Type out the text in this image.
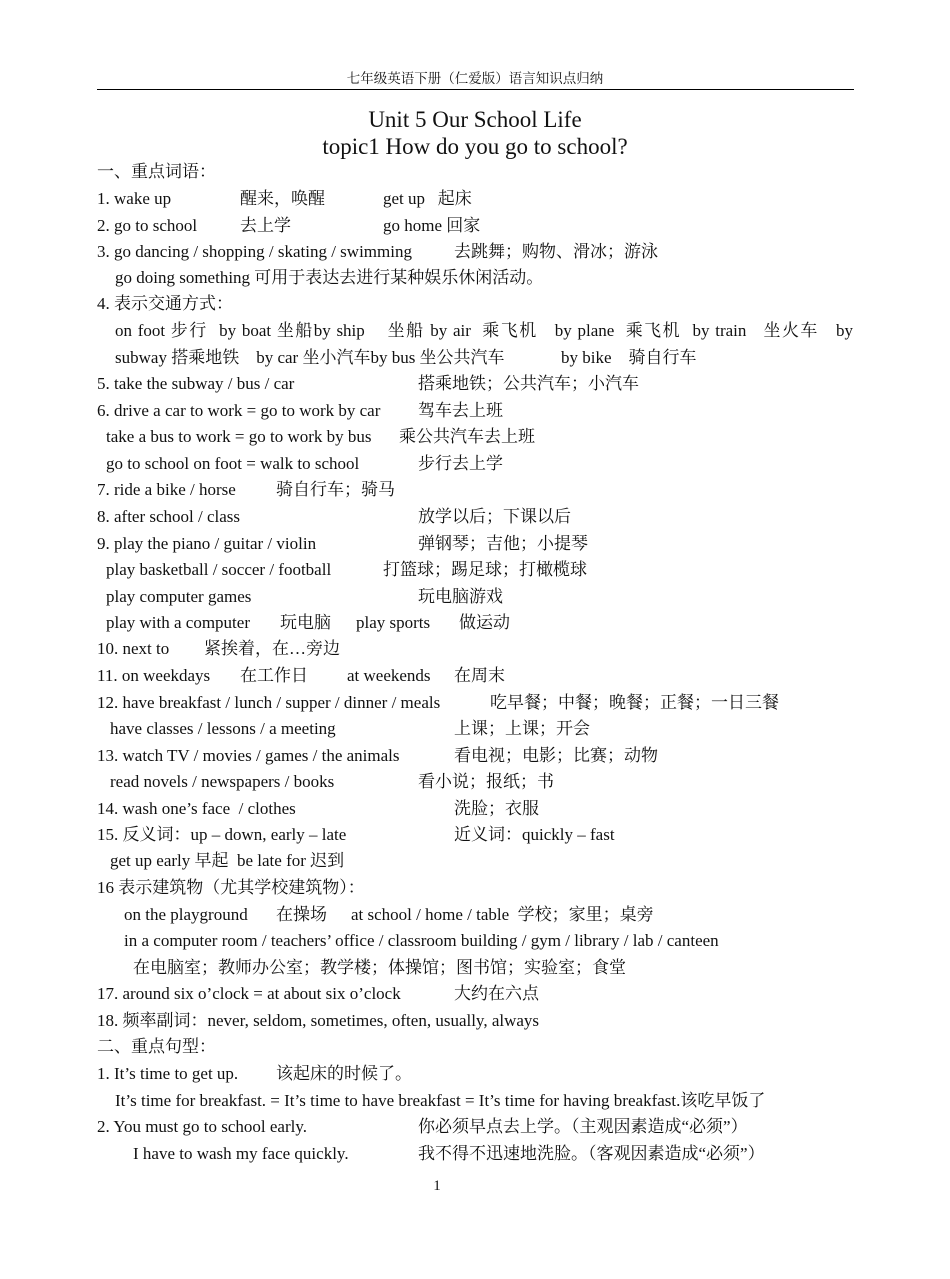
七年级英语下册（仁爱版）语言知识点归纳
Unit 5 Our School Life
topic1 How do you go to school?
一、重点词语：
1. wake up	醒来，唤醒	get up   起床
2. go to school	去上学	go home 回家
3. go dancing / shopping / skating / swimming 去跳舞；购物、滑冰；游泳
go doing something 可用于表达去进行某种娱乐休闲活动。
4. 表示交通方式：
on foot 步行  by boat 坐船by ship    坐船 by air  乘飞机   by plane  乘飞机  by train   坐火车   by
subway 搭乘地铁    by car 坐小汽车by bus 坐公共汽车	by bike    骑自行车
5. take the subway / bus / car	搭乘地铁；公共汽车；小汽车
6. drive a car to work = go to work by car 驾车去上班
take a bus to work = go to work by bus 乘公共汽车去上班
go to school on foot = walk to school	步行去上学
7. ride a bike / horse 骑自行车；骑马
8. after school / class	放学以后；下课以后
9. play the piano / guitar / violin	弹钢琴；吉他；小提琴
play basketball / soccer / football	打篮球；踢足球；打橄榄球
play computer games	玩电脑游戏
play with a computer 玩电脑 play sports 做运动
10. next to 紧挨着，在…旁边
11. on weekdays 在工作日 at weekends 在周末
12. have breakfast / lunch / supper / dinner / meals	吃早餐；中餐；晚餐；正餐；一日三餐
have classes / lessons / a meeting	上课；上课；开会
13. watch TV / movies / games / the animals	看电视；电影；比赛；动物
read novels / newspapers / books	看小说；报纸；书
14. wash one’s face  / clothes	洗脸；衣服
15. 反义词：up – down, early – late	近义词：quickly – fast
get up early 早起  be late for 迟到
16 表示建筑物（尤其学校建筑物）：
on the playground 在操场 at school / home / table  学校；家里；桌旁
in a computer room / teachers’ office / classroom building / gym / library / lab / canteen
在电脑室；教师办公室；教学楼；体操馆；图书馆；实验室；食堂
17. around six o’clock = at about six o’clock	大约在六点
18. 频率副词：never, seldom, sometimes, often, usually, always
二、重点句型：
1. It’s time to get up. 该起床的时候了。
It’s time for breakfast. = It’s time to have breakfast = It’s time for having breakfast.该吃早饭了
2. You must go to school early.	你必须早点去上学。（主观因素造成“必须”）
I have to wash my face quickly.	我不得不迅速地洗脸。（客观因素造成“必须”）
1
